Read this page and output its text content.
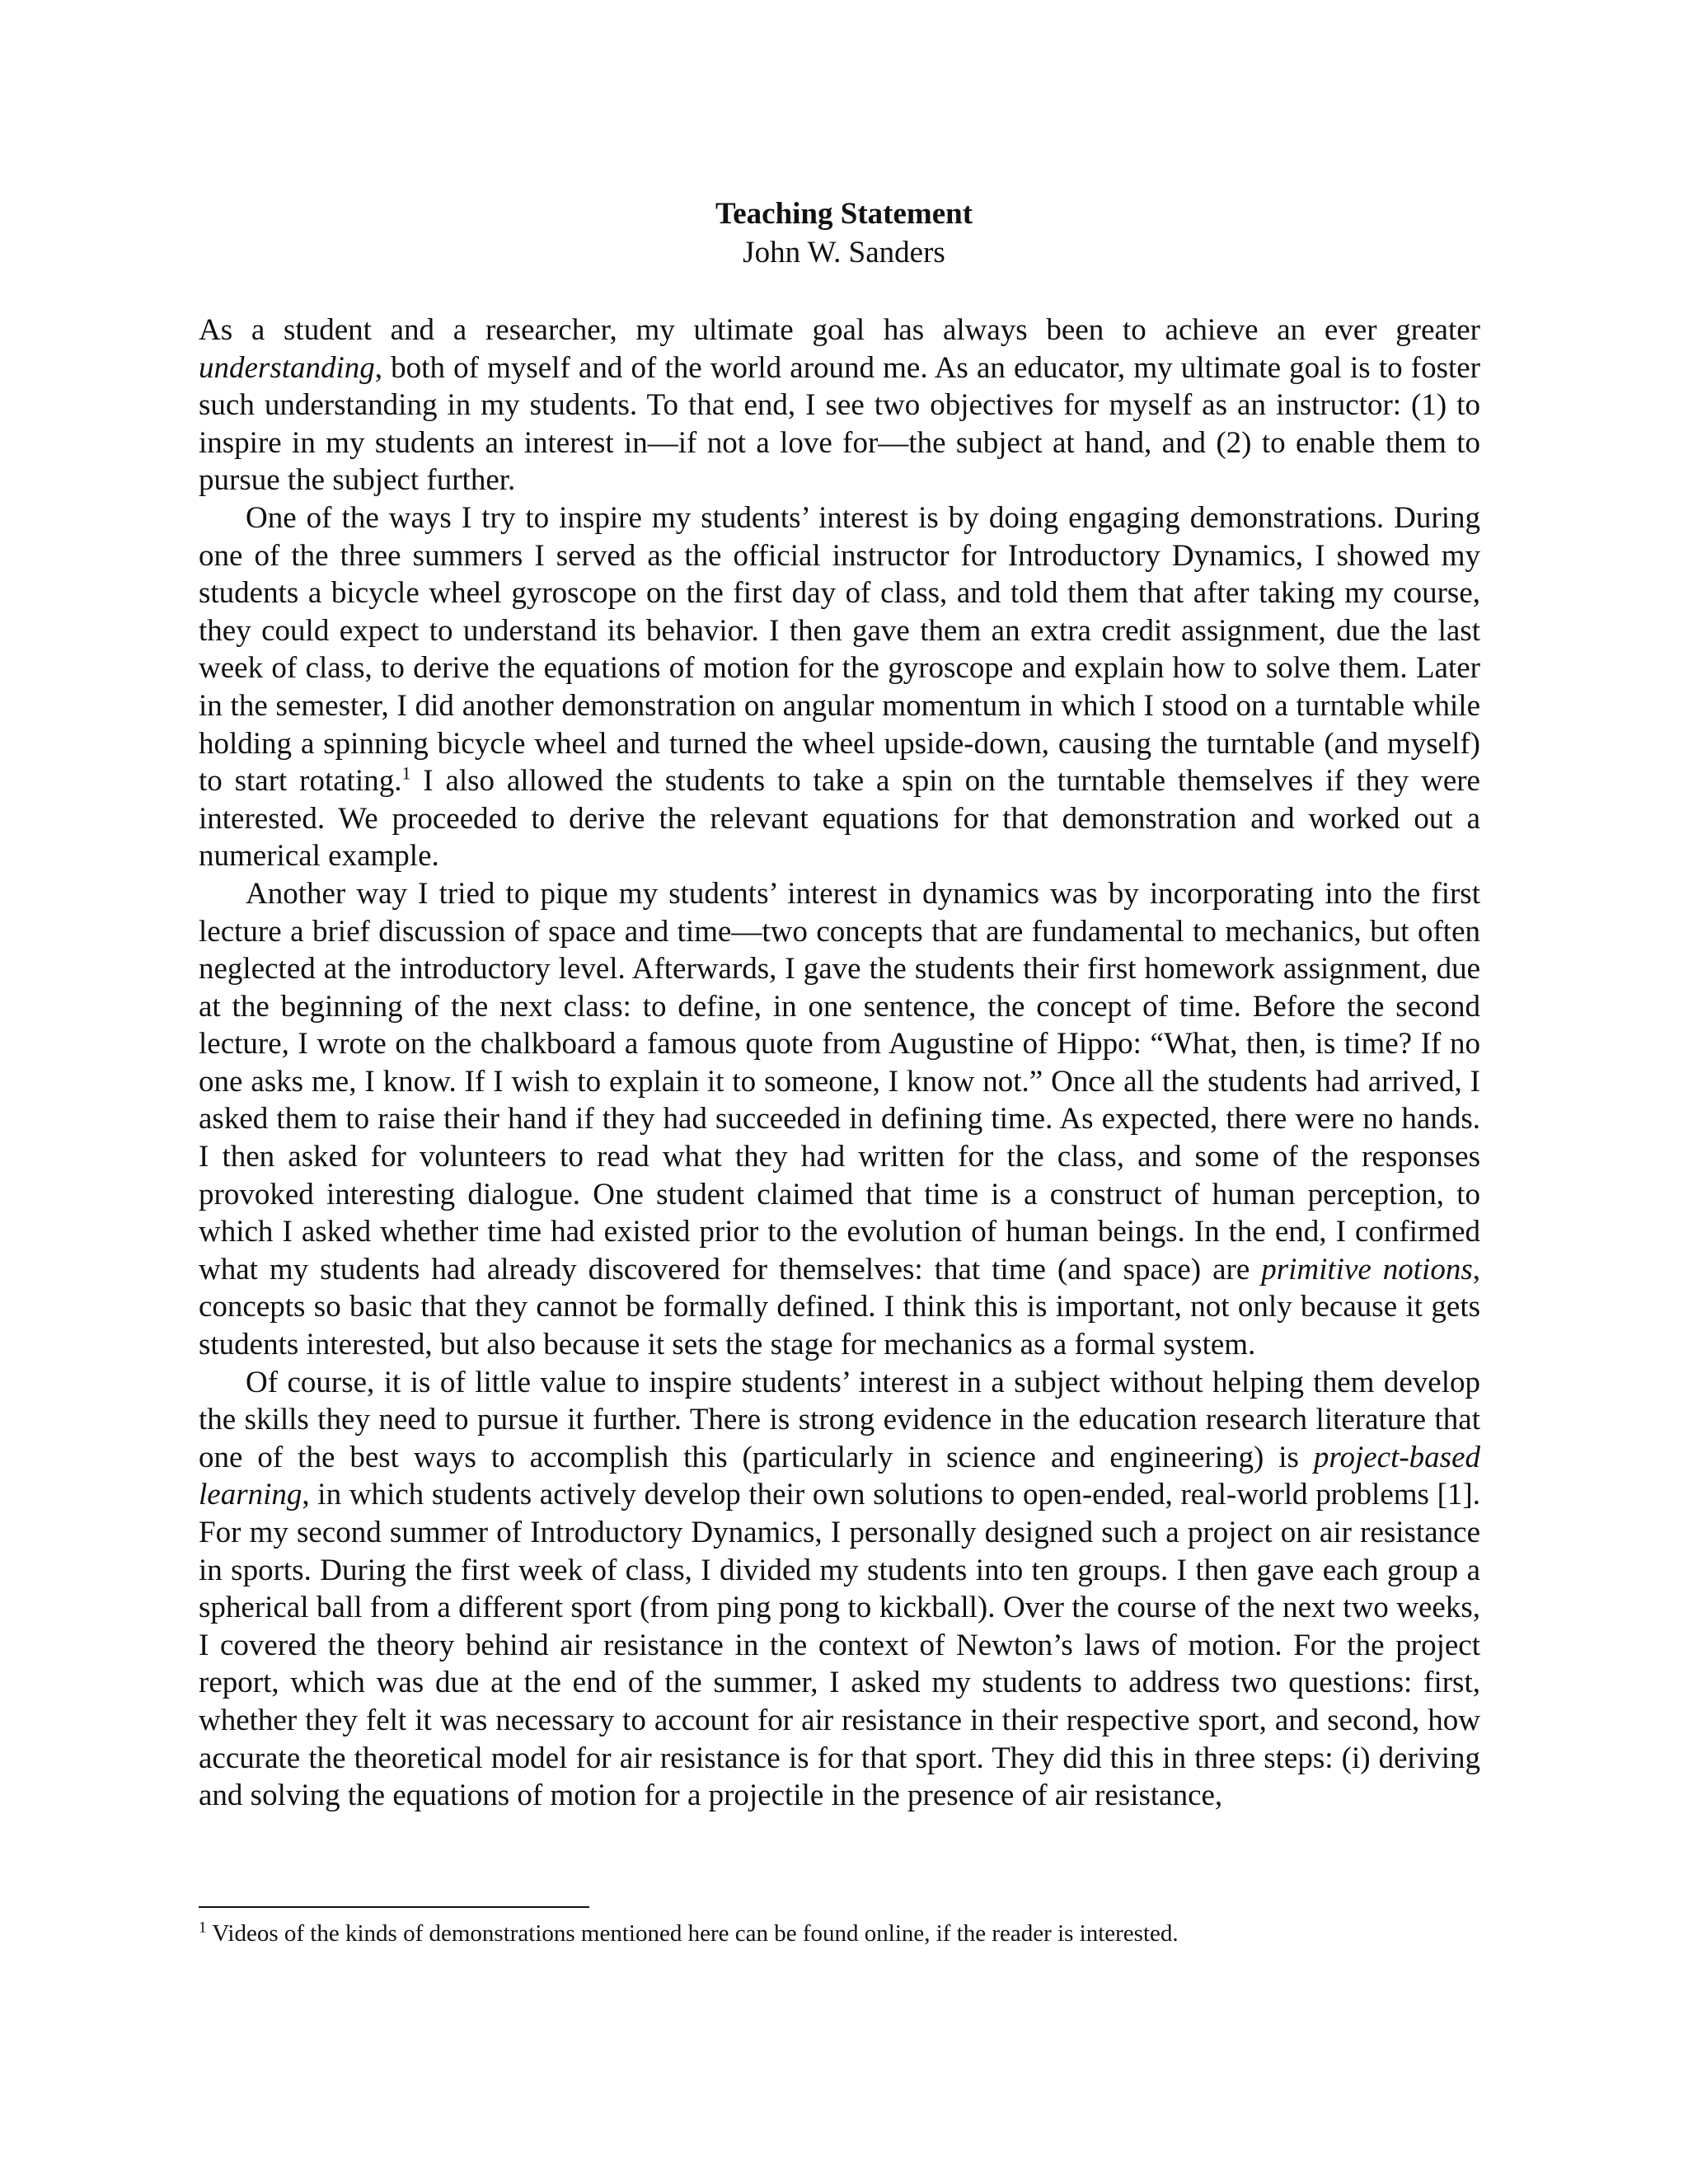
Teaching Statement
John W. Sanders

As a student and a researcher, my ultimate goal has always been to achieve an ever greater understanding, both of myself and of the world around me. As an educator, my ultimate goal is to foster such understanding in my students. To that end, I see two objectives for myself as an instructor: (1) to inspire in my students an interest in—if not a love for—the subject at hand, and (2) to enable them to pursue the subject further.

One of the ways I try to inspire my students’ interest is by doing engaging demonstrations. During one of the three summers I served as the official instructor for Introductory Dynamics, I showed my students a bicycle wheel gyroscope on the first day of class, and told them that after taking my course, they could expect to understand its behavior. I then gave them an extra credit assignment, due the last week of class, to derive the equations of motion for the gyroscope and explain how to solve them. Later in the semester, I did another demonstration on angular momentum in which I stood on a turntable while holding a spinning bicycle wheel and turned the wheel upside-down, causing the turntable (and myself) to start rotating.$^1$ I also allowed the students to take a spin on the turntable themselves if they were interested. We proceeded to derive the relevant equations for that demonstration and worked out a numerical example.

Another way I tried to pique my students’ interest in dynamics was by incorporating into the first lecture a brief discussion of space and time—two concepts that are fundamental to mechanics, but often neglected at the introductory level. Afterwards, I gave the students their first homework assignment, due at the beginning of the next class: to define, in one sentence, the concept of time. Before the second lecture, I wrote on the chalkboard a famous quote from Augustine of Hippo: “What, then, is time? If no one asks me, I know. If I wish to explain it to someone, I know not.” Once all the students had arrived, I asked them to raise their hand if they had succeeded in defining time. As expected, there were no hands. I then asked for volunteers to read what they had written for the class, and some of the responses provoked interesting dialogue. One student claimed that time is a construct of human perception, to which I asked whether time had existed prior to the evolution of human beings. In the end, I confirmed what my students had already discovered for themselves: that time (and space) are primitive notions, concepts so basic that they cannot be formally defined. I think this is important, not only because it gets students interested, but also because it sets the stage for mechanics as a formal system.

Of course, it is of little value to inspire students’ interest in a subject without helping them develop the skills they need to pursue it further. There is strong evidence in the education research literature that one of the best ways to accomplish this (particularly in science and engineering) is project-based learning, in which students actively develop their own solutions to open-ended, real-world problems [1]. For my second summer of Introductory Dynamics, I personally designed such a project on air resistance in sports. During the first week of class, I divided my students into ten groups. I then gave each group a spherical ball from a different sport (from ping pong to kickball). Over the course of the next two weeks, I covered the theory behind air resistance in the context of Newton’s laws of motion. For the project report, which was due at the end of the summer, I asked my students to address two questions: first, whether they felt it was necessary to account for air resistance in their respective sport, and second, how accurate the theoretical model for air resistance is for that sport. They did this in three steps: (i) deriving and solving the equations of motion for a projectile in the presence of air resistance,

$^1$ Videos of the kinds of demonstrations mentioned here can be found online, if the reader is interested.
